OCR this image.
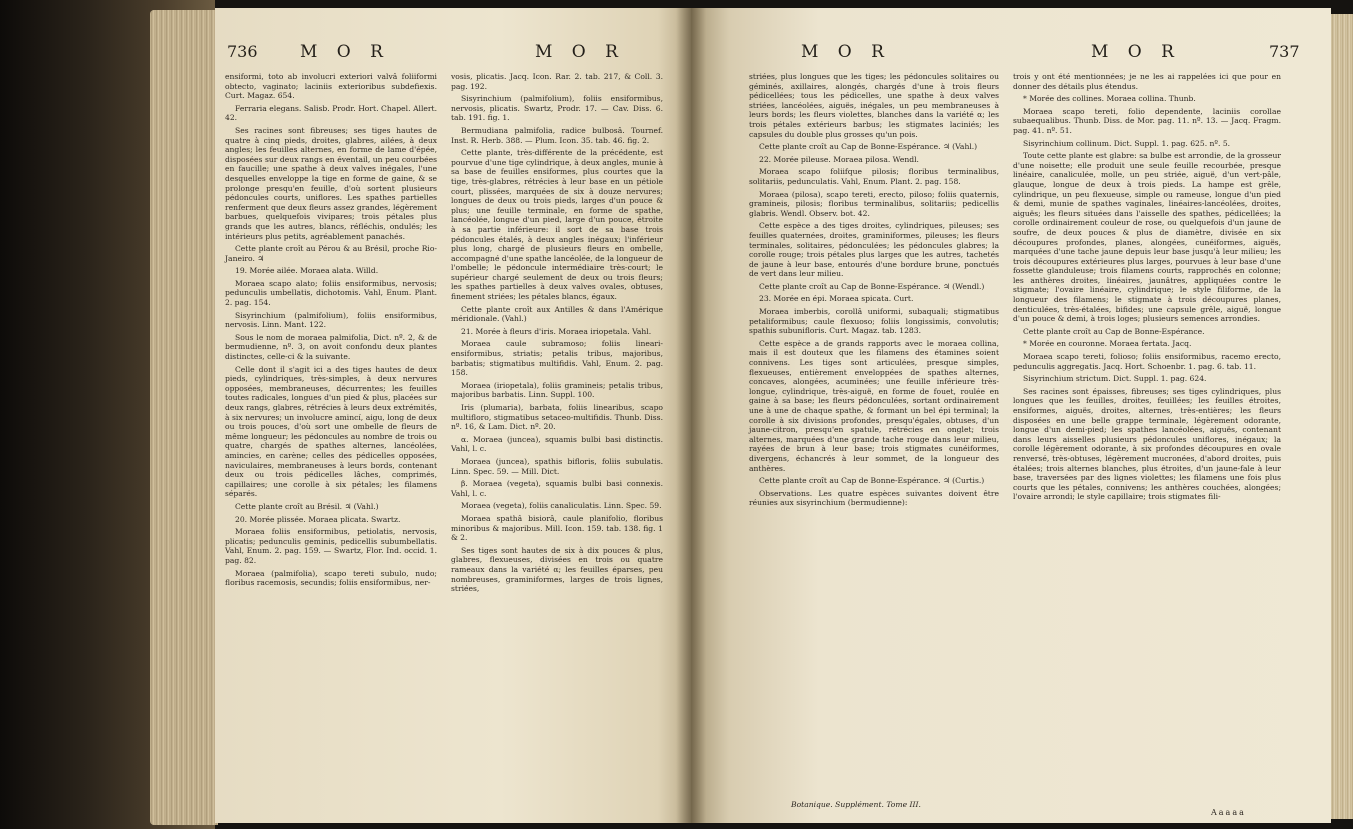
736 M O R	M O R

ensiformi, toto ab involucri exteriori valvâ foliiformi obtecto, vaginato; laciniis exterioribus subdefiexis. Curt. Magaz. 654.

Ferraria elegans. Salisb. Prodr. Hort. Chapel. Allert. 42.

Ses racines sont fibreuses; ses tiges hautes de quatre à cinq pieds, droites, glabres, ailées, à deux angles; les feuilles alternes, en forme de lame d'épée, disposées sur deux rangs en éventail, un peu courbées en faucille; une spathe à deux valves inégales, l'une desquelles enveloppe la tige en forme de gaine, & se prolonge presqu'en feuille, d'où sortent plusieurs pédoncules courts, uniflores. Les spathes partielles renferment que deux fleurs assez grandes, légèrement barbues, quelquefois vivipares; trois pétales plus grands que les autres, blancs, réfléchis, ondulés; les intérieurs plus petits, agréablement panachés.

Cette plante croît au Pérou & au Brésil, proche Rio-Janeiro. ♃

19. Morée ailée. Moraea alata. Willd.

Moraea scapo alato; foliis ensiformibus, nervosis; pedunculis umbellatis, dichotomis. Vahl, Enum. Plant. 2. pag. 154.

Sisyrinchium (palmifolium), foliis ensiformibus, nervosis. Linn. Mant. 122.

Sous le nom de moraea palmifolia, Dict. nº. 2, & de bermudienne, nº. 3, on avoit confondu deux plantes distinctes, celle-ci & la suivante.

Celle dont il s'agit ici a des tiges hautes de deux pieds, cylindriques, très-simples, à deux nervures opposées, membraneuses, décurrentes; les feuilles toutes radicales, longues d'un pied & plus, placées sur deux rangs, glabres, rétrécies à leurs deux extrémités, à six nervures; un involucre amincí, aigu, long de deux ou trois pouces, d'où sort une ombelle de fleurs de même longueur; les pédoncules au nombre de trois ou quatre, chargés de spathes alternes, lancéolées, amincies, en carène; celles des pédicelles opposées, naviculaires, membraneuses à leurs bords, contenant deux ou trois pédicelles lâches, comprimés, capillaires; une corolle à six pétales; les filamens séparés.

Cette plante croît au Brésil. ♃ (Vahl.)

20. Morée plissée. Moraea plicata. Swartz.

Moraea foliis ensiformibus, petiolatis, nervosis, plicatis; pedunculis geminis, pedicellis subumbellatis. Vahl, Enum. 2. pag. 159. — Swartz, Flor. Ind. occid. 1. pag. 82.

Moraea (palmifolia), scapo tereti subulo, nudo; floribus racemosis, secundis; foliis ensiformibus, ner-

vosis, plicatis. Jacq. Icon. Rar. 2. tab. 217, & Coll. 3. pag. 192.

Sisyrinchium (palmifolium), foliis ensiformibus, nervosis, plicatis. Swartz, Prodr. 17. — Cav. Diss. 6. tab. 191. fig. 1.

Bermudiana palmifolia, radice bulbosâ. Tournef. Inst. R. Herb. 388. — Plum. Icon. 35. tab. 46. fig. 2.

Cette plante, très-différente de la précédente, est pourvue d'une tige cylindrique, à deux angles, munie à sa base de feuilles ensiformes, plus courtes que la tige, très-glabres, rétrécies à leur base en un pétiole court, plissées, marquées de six à douze nervures; longues de deux ou trois pieds, larges d'un pouce & plus; une feuille terminale, en forme de spathe, lancéolée, longue d'un pied, large d'un pouce, étroite à sa partie inférieure: il sort de sa base trois pédoncules étalés, à deux angles inégaux; l'inférieur plus long, chargé de plusieurs fleurs en ombelle, accompagné d'une spathe lancéolée, de la longueur de l'ombelle; le pédoncule intermédiaire très-court; le supérieur chargé seulement de deux ou trois fleurs; les spathes partielles à deux valves ovales, obtuses, finement striées; les pétales blancs, égaux.

Cette plante croît aux Antilles & dans l'Amérique méridionale. (Vahl.)

21. Morée à fleurs d'iris. Moraea iriopetala. Vahl.

Moraea caule subramoso; foliis lineari-ensiformibus, striatis; petalis tribus, majoribus, barbatis; stigmatibus multifidis. Vahl, Enum. 2. pag. 158.

Moraea (iriopetala), foliis gramineis; petalis tribus, majoribus barbatis. Linn. Suppl. 100.

Iris (plumaria), barbata, foliis linearibus, scapo multifloro, stigmatibus setaceo-multifidis. Thunb. Diss. nº. 16, & Lam. Dict. nº. 20.

α. Moraea (juncea), squamis bulbi basi distinctis. Vahl, l. c.

Moraea (juncea), spathis bifloris, foliis subulatis. Linn. Spec. 59. — Mill. Dict.

β. Moraea (vegeta), squamis bulbi basi connexis. Vahl, l. c.

Moraea (vegeta), foliis canaliculatis. Linn. Spec. 59.

Moraea spathâ bisiorâ, caule planifolio, floribus minoribus & majoribus. Mill. Icon. 159. tab. 138. fig. 1 & 2.

Ses tiges sont hautes de six à dix pouces & plus, glabres, flexueuses, divisées en trois ou quatre rameaux dans la variété α; les feuilles éparses, peu nombreuses, graminiformes, larges de trois lignes, striées,

M O R	M O R	737

striées, plus longues que les tiges; les pédoncules solitaires ou géminés, axillaires, alongés, chargés d'une à trois fleurs pédicellées; tous les pédicelles, une spathe à deux valves striées, lancéolées, aiguës, inégales, un peu membraneuses à leurs bords; les fleurs violettes, blanches dans la variété α; les trois pétales extérieurs barbus; les stigmates laciniés; les capsules du double plus grosses qu'un pois.

Cette plante croît au Cap de Bonne-Espérance. ♃ (Vahl.)

22. Morée pileuse. Moraea pilosa. Wendl.

Moraea scapo foliifque pilosis; floribus terminalibus, solitariis, pedunculatis. Vahl, Enum. Plant. 2. pag. 158.

Moraea (pilosa), scapo tereti, erecto, piloso; foliis quaternis, gramineis, pilosis; floribus terminalibus, solitariis; pedicellis glabris. Wendl. Observ. bot. 42.

Cette espèce a des tiges droites, cylindriques, pileuses; ses feuilles quaternées, droites, graminiformes, pileuses; les fleurs terminales, solitaires, pédonculées; les pédoncules glabres; la corolle rouge; trois pétales plus larges que les autres, tachetés de jaune à leur base, entourés d'une bordure brune, ponctués de vert dans leur milieu.

Cette plante croît au Cap de Bonne-Espérance. ♃ (Wendl.)

23. Morée en épi. Moraea spicata. Curt.

Moraea imberbis, corollâ uniformi, subaquali; stigmatibus petaliformibus; caule flexuoso; foliis longissimis, convolutis; spathis subunifloris. Curt. Magaz. tab. 1283.

Cette espèce a de grands rapports avec le moraea collina, mais il est douteux que les filamens des étamines soient connivens. Les tiges sont articulées, presque simples, flexueuses, entièrement enveloppées de spathes alternes, concaves, alongées, acuminées; une feuille inférieure très-longue, cylindrique, très-aiguë, en forme de fouet, roulée en gaine à sa base; les fleurs pédonculées, sortant ordinairement une à une de chaque spathe, & formant un bel épi terminal; la corolle à six divisions profondes, presqu'égales, obtuses, d'un jaune-citron, presqu'en spatule, rétrécies en onglet; trois alternes, marquées d'une grande tache rouge dans leur milieu, rayées de brun à leur base; trois stigmates cunéiformes, divergens, échancrés à leur sommet, de la longueur des anthères.

Cette plante croît au Cap de Bonne-Espérance. ♃ (Curtis.)

Observations. Les quatre espèces suivantes doivent être réunies aux sisyrinchium (bermudienne):

Botanique. Supplément. Tome III.

trois y ont été mentionnées; je ne les ai rappelées ici que pour en donner des détails plus étendus.

* Morée des collines. Moraea collina. Thunb.

Moraea scapo tereti, folio dependente, laciniis corollae subaequalibus. Thunb. Diss. de Mor. pag. 11. nº. 13. — Jacq. Fragm. pag. 41. nº. 51.

Sisyrinchium collinum. Dict. Suppl. 1. pag. 625. nº. 5.

Toute cette plante est glabre: sa bulbe est arrondie, de la grosseur d'une noisette; elle produit une seule feuille recourbée, presque linéaire, canaliculée, molle, un peu striée, aiguë, d'un vert-pâle, glauque, longue de deux à trois pieds. La hampe est grêle, cylindrique, un peu flexueuse, simple ou rameuse, longue d'un pied & demi, munie de spathes vaginales, linéaires-lancéolées, droites, aiguës; les fleurs situées dans l'aisselle des spathes, pédicellées; la corolle ordinairement couleur de rose, ou quelquefois d'un jaune de soufre, de deux pouces & plus de diamètre, divisée en six découpures profondes, planes, alongées, cunéiformes, aiguës, marquées d'une tache jaune depuis leur base jusqu'à leur milieu; les trois découpures extérieures plus larges, pourvues à leur base d'une fossette glanduleuse; trois filamens courts, rapprochés en colonne; les anthères droites, linéaires, jaunâtres, appliquées contre le stigmate; l'ovaire linéaire, cylindrique; le style filiforme, de la longueur des filamens; le stigmate à trois découpures planes, denticulées, très-étalées, bifides; une capsule grêle, aiguë, longue d'un pouce & demi, à trois loges; plusieurs semences arrondies.

Cette plante croît au Cap de Bonne-Espérance.

* Morée en couronne. Moraea fertata. Jacq.

Moraea scapo tereti, folioso; foliis ensiformibus, racemo erecto, pedunculis aggregatis. Jacq. Hort. Schoenbr. 1. pag. 6. tab. 11.

Sisyrinchium strictum. Dict. Suppl. 1. pag. 624.

Ses racines sont épaisses, fibreuses; ses tiges cylindriques, plus longues que les feuilles, droites, feuillées; les feuilles étroites, ensiformes, aiguës, droites, alternes, très-entières; les fleurs disposées en une belle grappe terminale, légèrement odorante, longue d'un demi-pied; les spathes lancéolées, aiguës, contenant dans leurs aisselles plusieurs pédoncules uniflores, inégaux; la corolle légèrement odorante, à six profondes découpures en ovale renversé, très-obtuses, légèrement mucronées, d'abord droites, puis étalées; trois alternes blanches, plus étroites, d'un jaune-fale à leur base, traversées par des lignes violettes; les filamens une fois plus courts que les pétales, connivens; les anthères couchées, alongées; l'ovaire arrondi; le style capillaire; trois stigmates fili-

Aaaaa
